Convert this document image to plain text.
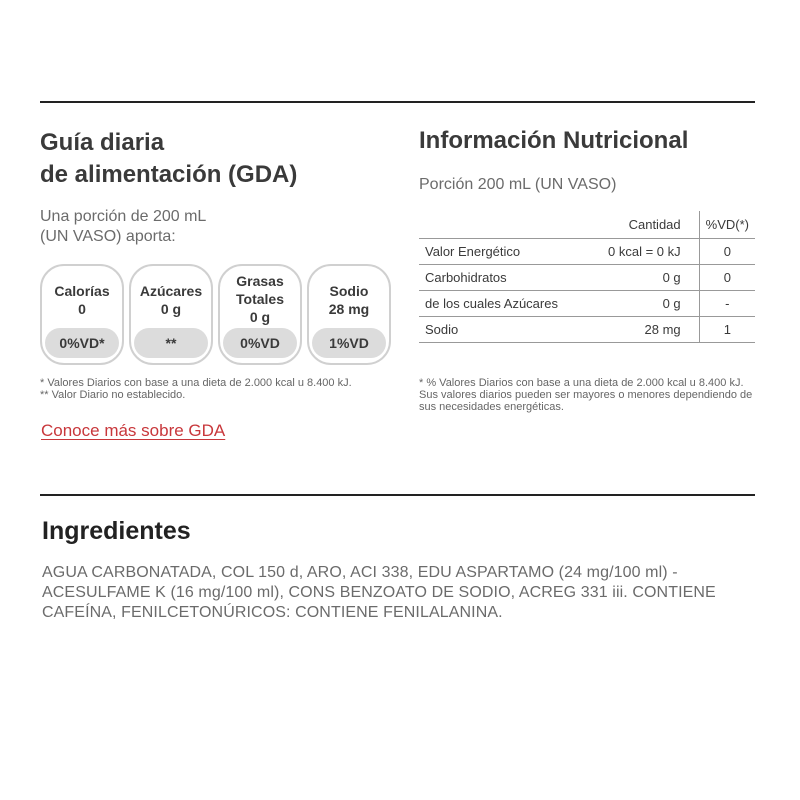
Guía diaria
de alimentación (GDA)
Una porción de 200 mL
(UN VASO) aporta:
Calorías
0
0%VD*
Azúcares
0 g
**
Grasas
Totales
0 g
0%VD
Sodio
28 mg
1%VD
* Valores Diarios con base a una dieta de 2.000 kcal u 8.400 kJ.
** Valor Diario no establecido.
Conoce más sobre GDA
Información Nutricional
Porción 200 mL (UN VASO)
	Cantidad	%VD(*)
Valor Energético	0 kcal = 0 kJ	0
Carbohidratos	0 g	0
de los cuales Azúcares	0 g	-
Sodio	28 mg	1
* % Valores Diarios con base a una dieta de 2.000 kcal u 8.400 kJ. Sus valores diarios pueden ser mayores o menores dependiendo de sus necesidades energéticas.
Ingredientes
AGUA CARBONATADA, COL 150 d, ARO, ACI 338, EDU ASPARTAMO (24 mg/100 ml) - ACESULFAME K (16 mg/100 ml), CONS BENZOATO DE SODIO, ACREG 331 iii. CONTIENE CAFEÍNA, FENILCETONÚRICOS: CONTIENE FENILALANINA.
